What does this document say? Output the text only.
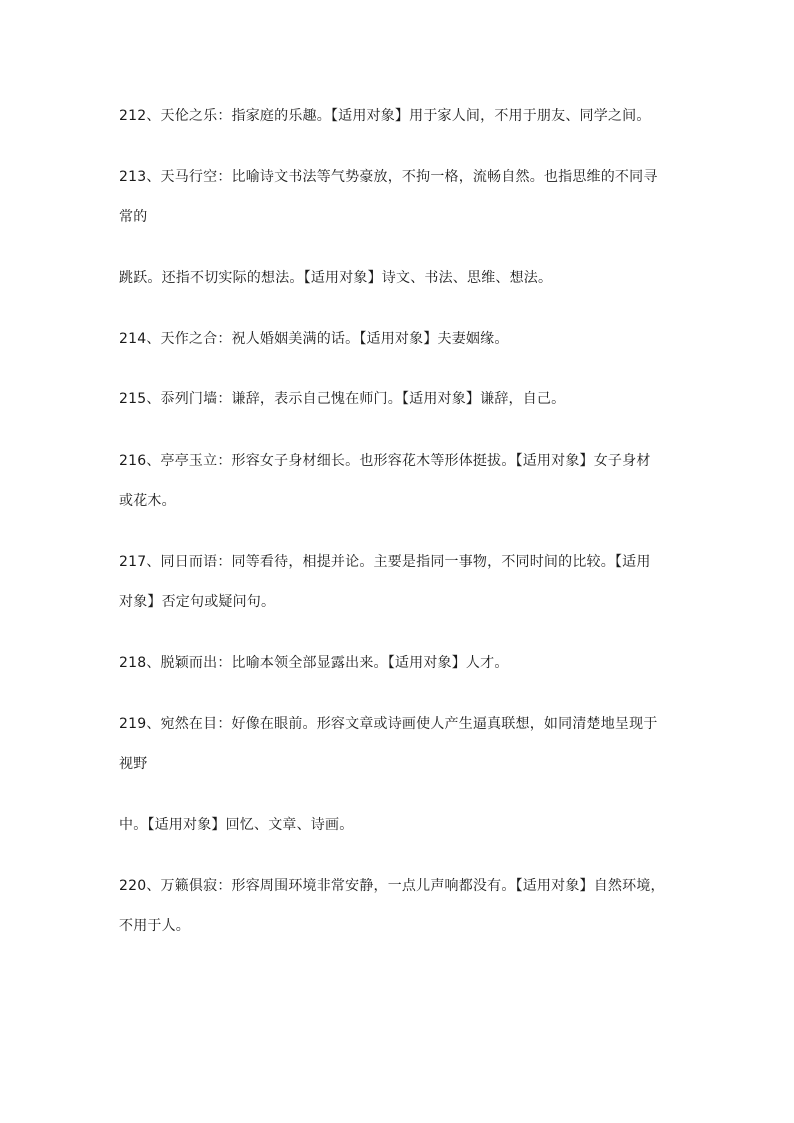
212、天伦之乐：指家庭的乐趣。【适用对象】用于家人间，不用于朋友、同学之间。
213、天马行空：比喻诗文书法等气势豪放，不拘一格，流畅自然。也指思维的不同寻
常的
跳跃。还指不切实际的想法。【适用对象】诗文、书法、思维、想法。
214、天作之合：祝人婚姻美满的话。【适用对象】夫妻姻缘。
215、忝列门墙：谦辞，表示自己愧在师门。【适用对象】谦辞，自己。
216、亭亭玉立：形容女子身材细长。也形容花木等形体挺拔。【适用对象】女子身材
或花木。
217、同日而语：同等看待，相提并论。主要是指同一事物，不同时间的比较。【适用
对象】否定句或疑问句。
218、脱颖而出：比喻本领全部显露出来。【适用对象】人才。
219、宛然在目：好像在眼前。形容文章或诗画使人产生逼真联想，如同清楚地呈现于
视野
中。【适用对象】回忆、文章、诗画。
220、万籁俱寂：形容周围环境非常安静，一点儿声响都没有。【适用对象】自然环境，
不用于人。
